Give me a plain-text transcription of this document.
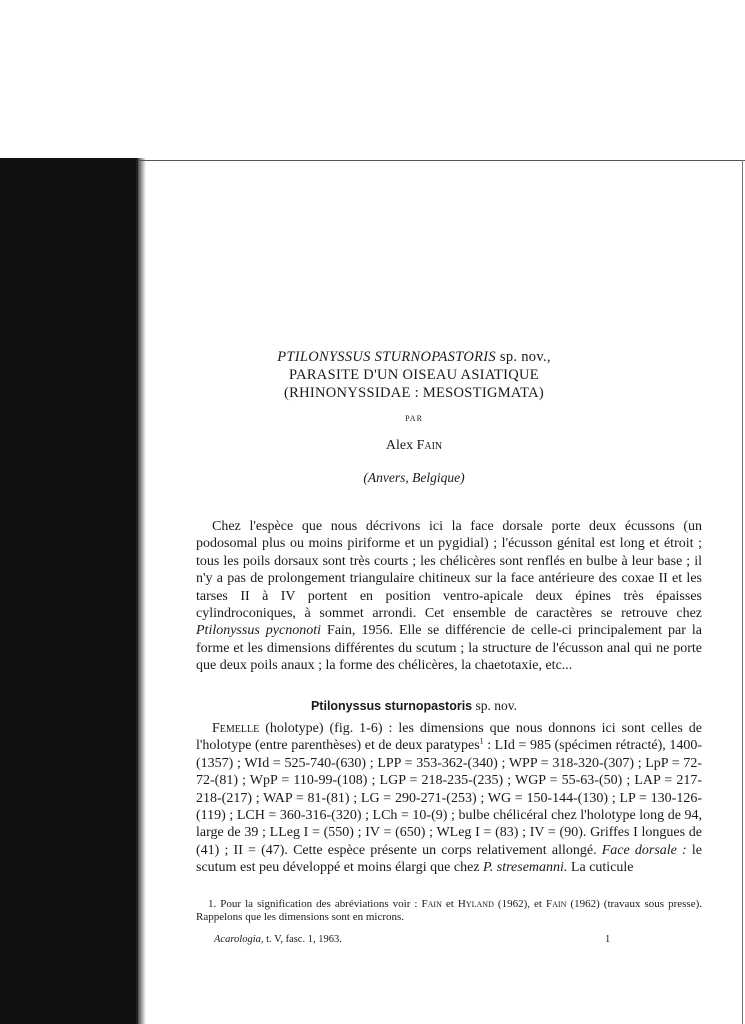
PTILONYSSUS STURNOPASTORIS sp. nov.,
PARASITE D'UN OISEAU ASIATIQUE
(RHINONYSSIDAE : MESOSTIGMATA)
PAR
Alex Fain
(Anvers, Belgique)
Chez l'espèce que nous décrivons ici la face dorsale porte deux écussons (un podosomal plus ou moins piriforme et un pygidial) ; l'écusson génital est long et étroit ; tous les poils dorsaux sont très courts ; les chélicères sont renflés en bulbe à leur base ; il n'y a pas de prolongement triangulaire chitineux sur la face antérieure des coxae II et les tarses II à IV portent en position ventro-apicale deux épines très épaisses cylindroconiques, à sommet arrondi. Cet ensemble de caractères se retrouve chez Ptilonyssus pycnonoti Fain, 1956. Elle se différencie de celle-ci principalement par la forme et les dimensions différentes du scutum ; la structure de l'écusson anal qui ne porte que deux poils anaux ; la forme des chélicères, la chaetotaxie, etc...
Ptilonyssus sturnopastoris sp. nov.
Femelle (holotype) (fig. 1-6) : les dimensions que nous donnons ici sont celles de l'holotype (entre parenthèses) et de deux paratypes$^1$ : LId = 985 (spécimen rétracté), 1400-(1357) ; WId = 525-740-(630) ; LPP = 353-362-(340) ; WPP = 318-320-(307) ; LpP = 72-72-(81) ; WpP = 110-99-(108) ; LGP = 218-235-(235) ; WGP = 55-63-(50) ; LAP = 217-218-(217) ; WAP = 81-(81) ; LG = 290-271-(253) ; WG = 150-144-(130) ; LP = 130-126-(119) ; LCH = 360-316-(320) ; LCh = 10-(9) ; bulbe chélicéral chez l'holotype long de 94, large de 39 ; LLeg I = (550) ; IV = (650) ; WLeg I = (83) ; IV = (90). Griffes I longues de (41) ; II = (47). Cette espèce présente un corps relativement allongé. Face dorsale : le scutum est peu développé et moins élargi que chez P. stresemanni. La cuticule
1. Pour la signification des abréviations voir : Fain et Hyland (1962), et Fain (1962) (travaux sous presse). Rappelons que les dimensions sont en microns.
Acarologia, t. V, fasc. 1, 1963.	1
